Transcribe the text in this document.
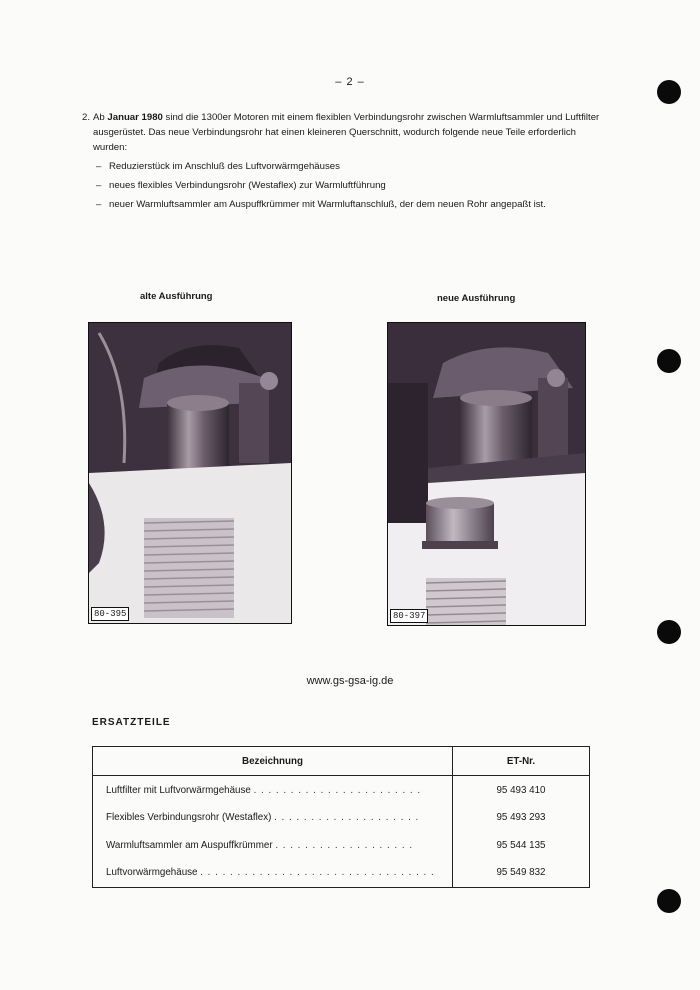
– 2 –
2. Ab Januar 1980 sind die 1300er Motoren mit einem flexiblen Verbindungsrohr zwischen Warmluftsammler und Luftfilter ausgerüstet. Das neue Verbindungsrohr hat einen kleineren Querschnitt, wodurch folgende neue Teile erforderlich wurden:
– Reduzierstück im Anschluß des Luftvorwärmgehäuses
– neues flexibles Verbindungsrohr (Westaflex) zur Warmluftführung
– neuer Warmluftsammler am Auspuffkrümmer mit Warmluftanschluß, der dem neuen Rohr angepaßt ist.
alte Ausführung	neue Ausführung
80-395	80-397
www.gs-gsa-ig.de
ERSATZTEILE
Bezeichnung	ET-Nr.
Luftfilter mit Luftvorwärmgehäuse . . . . . . . . . . . . . . . . . . . . . . .	95 493 410
Flexibles Verbindungsrohr (Westaflex) . . . . . . . . . . . . . . . . . . . .	95 493 293
Warmluftsammler am Auspuffkrümmer . . . . . . . . . . . . . . . . . . .	95 544 135
Luftvorwärmgehäuse . . . . . . . . . . . . . . . . . . . . . . . . . . . . . . . .	95 549 832
